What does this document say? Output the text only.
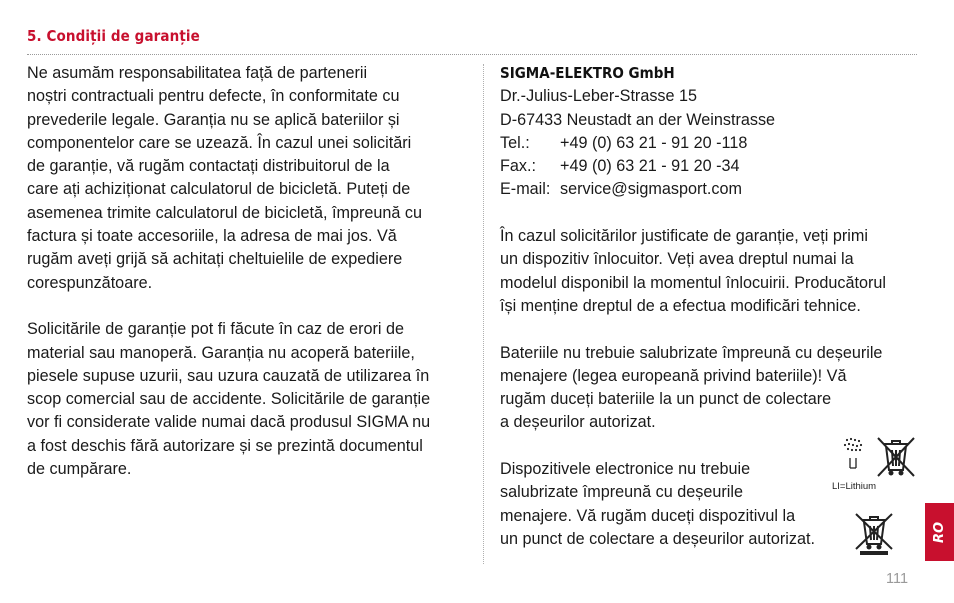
5. Condiții de garanție
Ne asumăm responsabilitatea față de partenerii
noștri contractuali pentru defecte, în conformitate cu
prevederile legale. Garanția nu se aplică bateriilor și
componentelor care se uzează. În cazul unei solicitări
de garanție, vă rugăm contactați distribuitorul de la
care ați achiziționat calculatorul de bicicletă. Puteți de
asemenea trimite calculatorul de bicicletă, împreună cu
factura și toate accesoriile, la adresa de mai jos. Vă
rugăm aveți grijă să achitați cheltuielile de expediere
corespunzătoare.
Solicitările de garanție pot fi făcute în caz de erori de
material sau manoperă. Garanția nu acoperă bateriile,
piesele supuse uzurii, sau uzura cauzată de utilizarea în
scop comercial sau de accidente. Solicitările de garanție
vor fi considerate valide numai dacă produsul SIGMA nu
a fost deschis fără autorizare și se prezintă documentul
de cumpărare.
SIGMA-ELEKTRO GmbH
Dr.-Julius-Leber-Strasse 15
D-67433 Neustadt an der Weinstrasse
Tel.: +49 (0) 63 21 - 91 20 -118
Fax.: +49 (0) 63 21 - 91 20 -34
E-mail: service@sigmasport.com
În cazul solicitărilor justificate de garanție, veți primi
un dispozitiv înlocuitor. Veți avea dreptul numai la
modelul disponibil la momentul înlocuirii. Producătorul
își menține dreptul de a efectua modificări tehnice.
Bateriile nu trebuie salubrizate împreună cu deșeurile
menajere (legea europeană privind bateriile)! Vă
rugăm duceți bateriile la un punct de colectare
a deșeurilor autorizat.
Dispozitivele electronice nu trebuie
salubrizate împreună cu deșeurile
menajere. Vă rugăm duceți dispozitivul la
un punct de colectare a deșeurilor autorizat.
LI=Lithium
RO
111
